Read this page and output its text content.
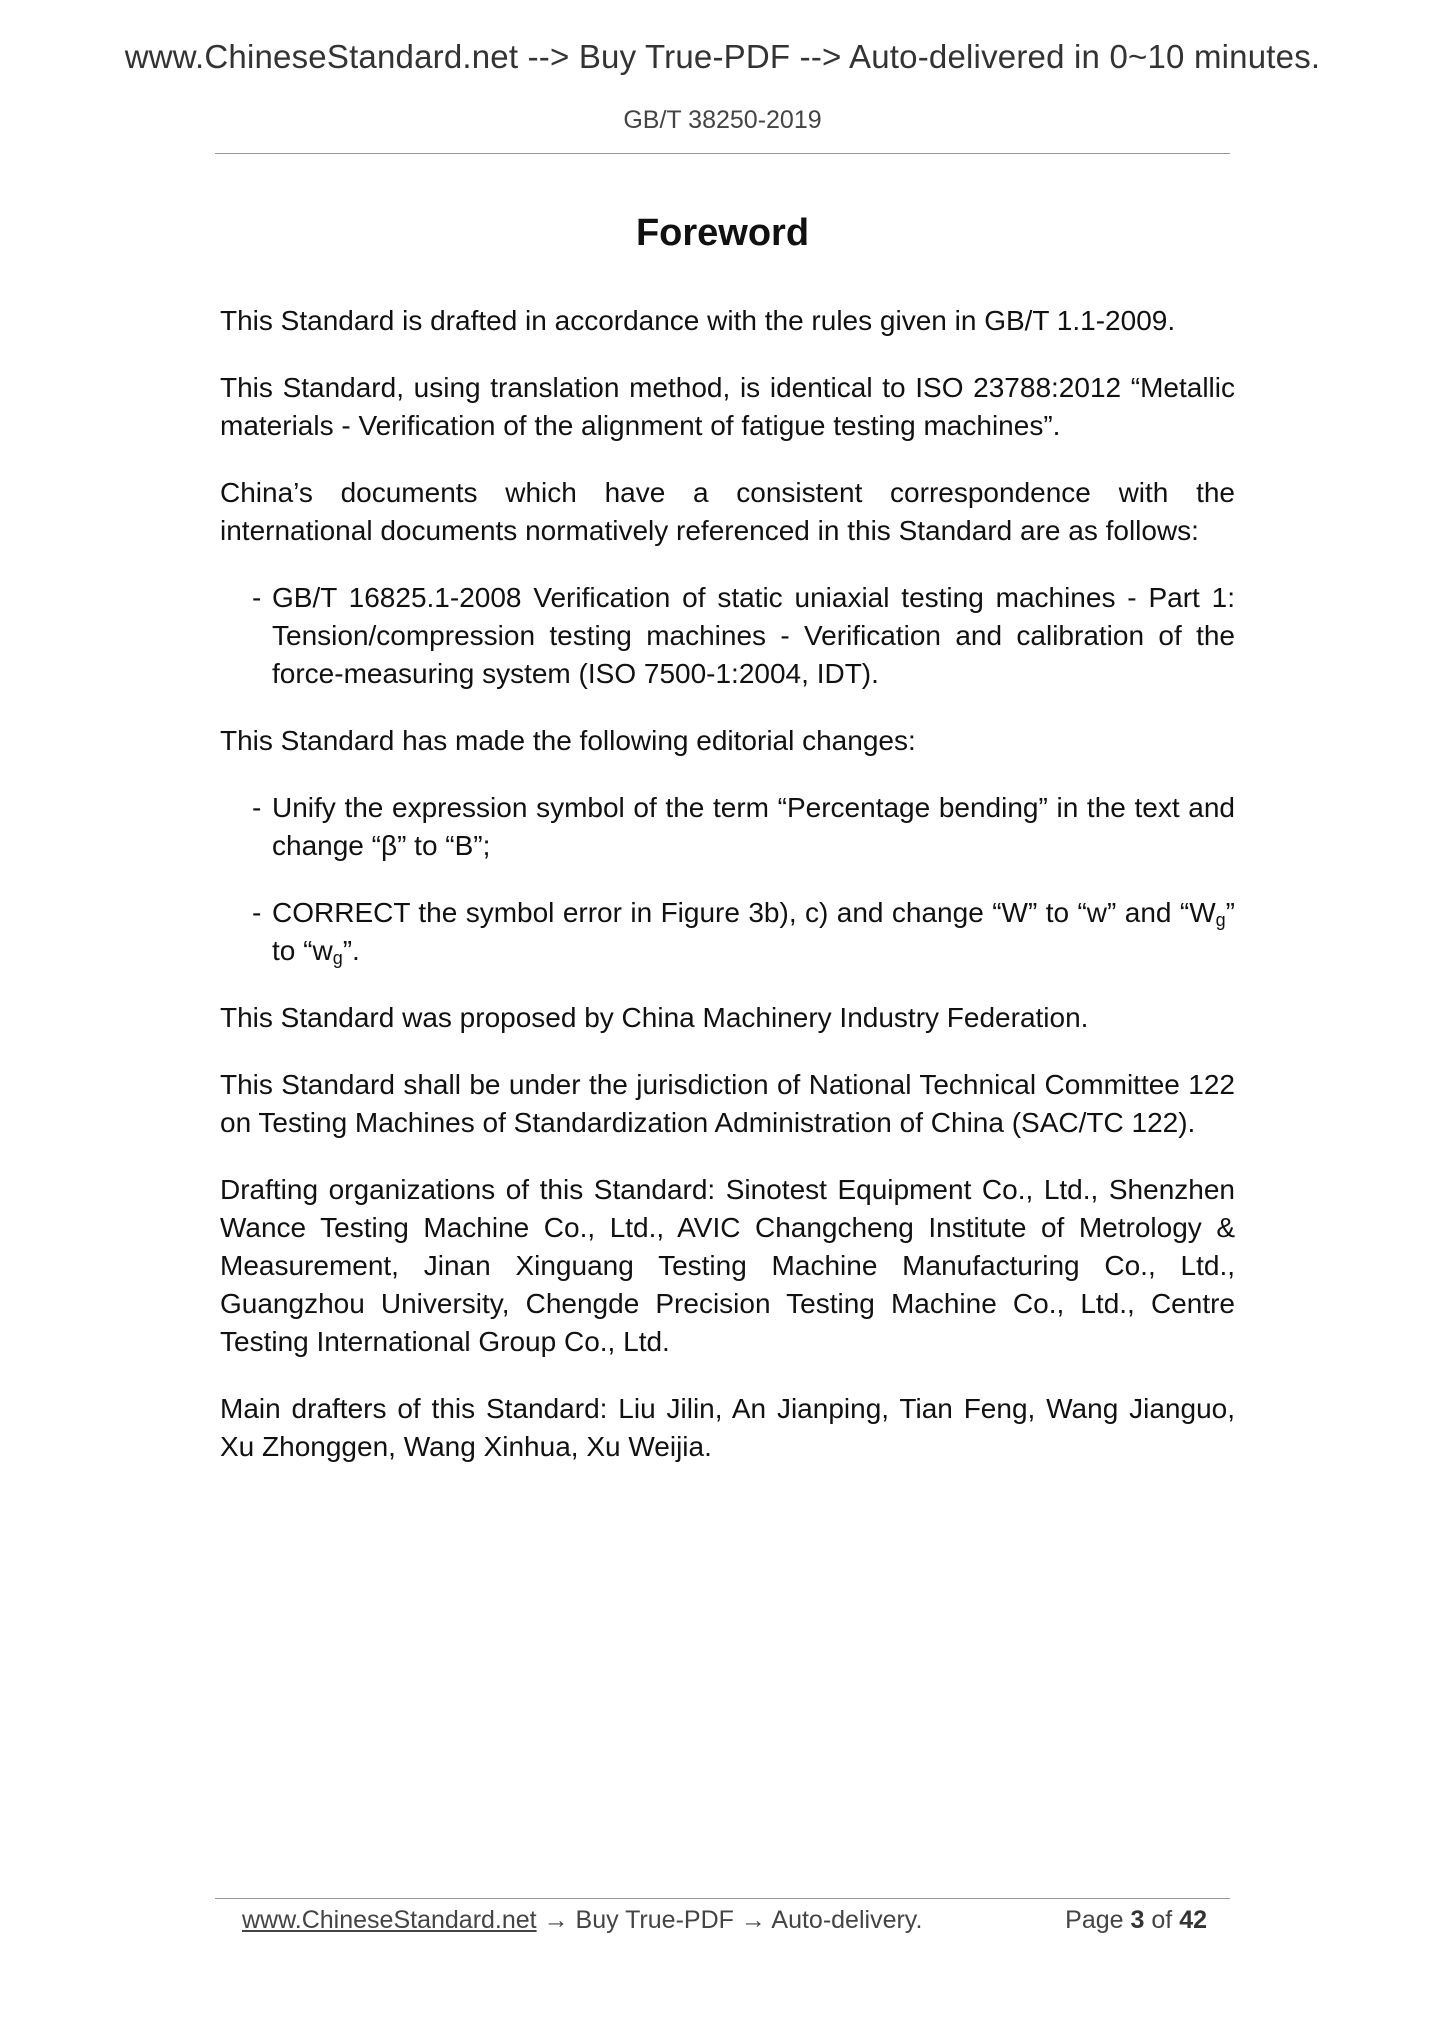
www.ChineseStandard.net --> Buy True-PDF --> Auto-delivered in 0~10 minutes.
GB/T 38250-2019
Foreword

This Standard is drafted in accordance with the rules given in GB/T 1.1-2009.

This Standard, using translation method, is identical to ISO 23788:2012 “Metallic materials - Verification of the alignment of fatigue testing machines”.

China’s documents which have a consistent correspondence with the international documents normatively referenced in this Standard are as follows:

- GB/T 16825.1-2008 Verification of static uniaxial testing machines - Part 1: Tension/compression testing machines - Verification and calibration of the force-measuring system (ISO 7500-1:2004, IDT).

This Standard has made the following editorial changes:

- Unify the expression symbol of the term “Percentage bending” in the text and change “β” to “B”;
- CORRECT the symbol error in Figure 3b), c) and change “W” to “w” and “$W_g$” to “$w_g$”.

This Standard was proposed by China Machinery Industry Federation.

This Standard shall be under the jurisdiction of National Technical Committee 122 on Testing Machines of Standardization Administration of China (SAC/TC 122).

Drafting organizations of this Standard: Sinotest Equipment Co., Ltd., Shenzhen Wance Testing Machine Co., Ltd., AVIC Changcheng Institute of Metrology & Measurement, Jinan Xinguang Testing Machine Manufacturing Co., Ltd., Guangzhou University, Chengde Precision Testing Machine Co., Ltd., Centre Testing International Group Co., Ltd.

Main drafters of this Standard: Liu Jilin, An Jianping, Tian Feng, Wang Jianguo, Xu Zhonggen, Wang Xinhua, Xu Weijia.

www.ChineseStandard.net → Buy True-PDF → Auto-delivery.	Page 3 of 42
